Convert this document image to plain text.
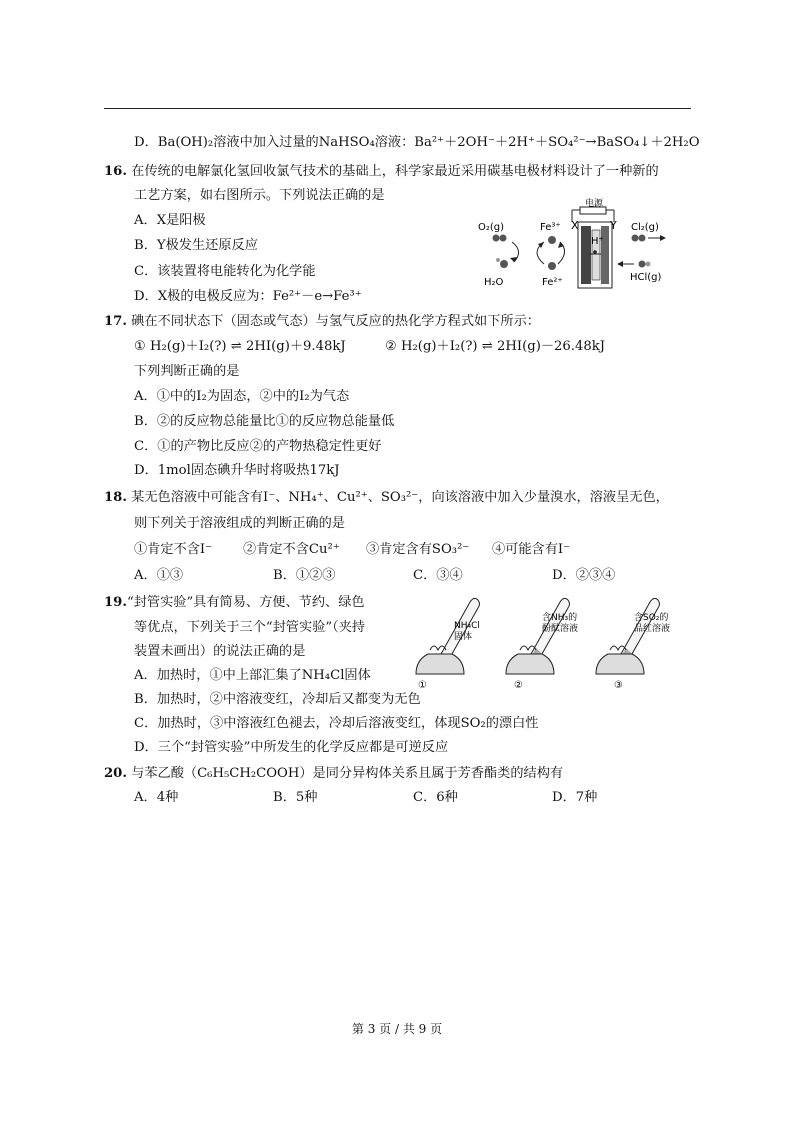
D．Ba(OH)₂溶液中加入过量的NaHSO₄溶液：Ba²⁺＋2OH⁻＋2H⁺＋SO₄²⁻→BaSO₄↓＋2H₂O
16. 在传统的电解氯化氢回收氯气技术的基础上，科学家最近采用碳基电极材料设计了一种新的
工艺方案，如右图所示。下列说法正确的是
A．X是阳极
B．Y极发生还原反应
C．该装置将电能转化为化学能
D．X极的电极反应为：Fe²⁺－e→Fe³⁺
电源
X	Y
H⁺
O₂(g)
H₂O
Fe³⁺
Fe²⁺
Cl₂(g)
HCl(g)
17. 碘在不同状态下（固态或气态）与氢气反应的热化学方程式如下所示：
① H₂(g)＋I₂(?) ⇌ 2HI(g)＋9.48kJ	② H₂(g)＋I₂(?) ⇌ 2HI(g)－26.48kJ
下列判断正确的是
A．①中的I₂为固态，②中的I₂为气态
B．②的反应物总能量比①的反应物总能量低
C．①的产物比反应②的产物热稳定性更好
D．1mol固态碘升华时将吸热17kJ
18. 某无色溶液中可能含有I⁻、NH₄⁺、Cu²⁺、SO₃²⁻，向该溶液中加入少量溴水，溶液呈无色，
则下列关于溶液组成的判断正确的是
①肯定不含I⁻ ②肯定不含Cu²⁺ ③肯定含有SO₃²⁻ ④可能含有I⁻
A．①③	B．①②③	C．③④	D．②③④
19.“封管实验”具有简易、方便、节约、绿色
等优点，下列关于三个“封管实验”（夹持
装置未画出）的说法正确的是
A．加热时，①中上部汇集了NH₄Cl固体
B．加热时，②中溶液变红，冷却后又都变为无色
C．加热时，③中溶液红色褪去，冷却后溶液变红，体现SO₂的漂白性
D．三个“封管实验”中所发生的化学反应都是可逆反应
①
NH₄Cl
固体
②
含NH₃的
酚酞溶液
③
含SO₂的
品红溶液
20. 与苯乙酸（C₆H₅CH₂COOH）是同分异构体关系且属于芳香酯类的结构有
A．4种	B．5种	C．6种	D．7种
第 3 页 / 共 9 页
